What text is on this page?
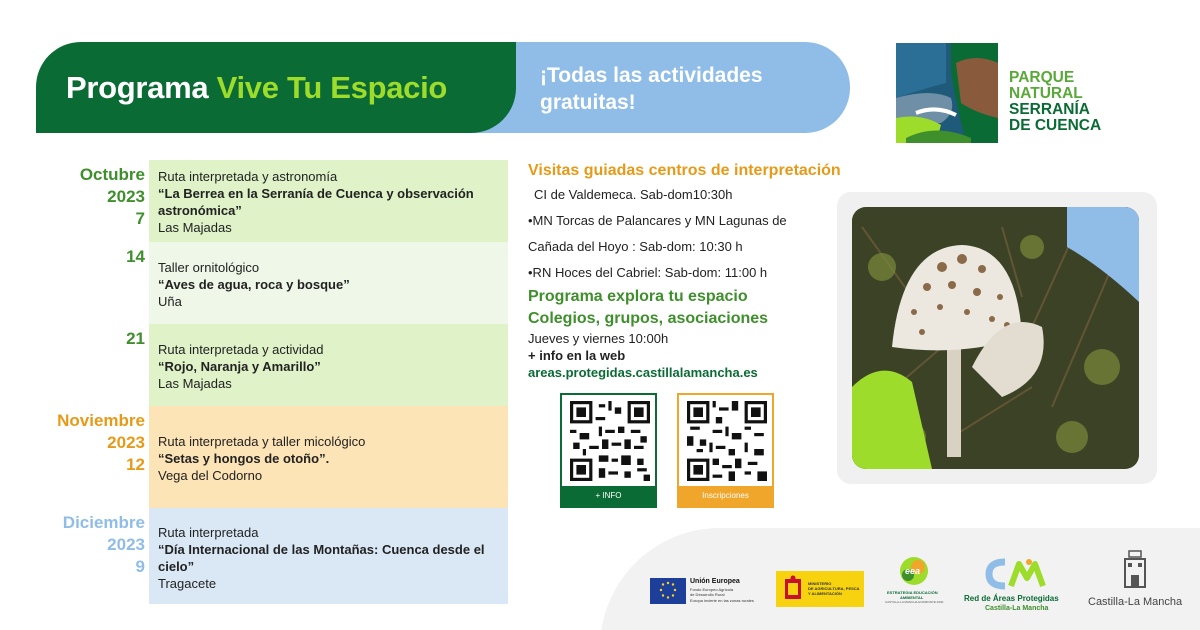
Programa Vive Tu Espacio	¡Todas las actividades gratuitas!
PARQUE
NATURAL
SERRANÍA
DE CUENCA
Octubre
2023
7
Ruta interpretada y astronomía
“La Berrea en la Serranía de Cuenca y observación astronómica”
Las Majadas
14
Taller ornitológico
“Aves de agua, roca y bosque”
Uña
21
Ruta interpretada y actividad
“Rojo, Naranja y Amarillo”
Las Majadas
Noviembre
2023
12
Ruta interpretada y taller micológico
“Setas y hongos de otoño”.
Vega del Codorno
Diciembre
2023
9
Ruta interpretada
“Día Internacional de las Montañas: Cuenca desde el cielo”
Tragacete
Visitas guiadas centros de interpretación
CI de Valdemeca. Sab-dom10:30h
•MN Torcas de Palancares y MN Lagunas de
Cañada del Hoyo : Sab-dom: 10:30 h
•RN Hoces del Cabriel: Sab-dom: 11:00 h
Programa explora tu espacio
Colegios, grupos, asociaciones
Jueves y viernes 10:00h
+ info en la web
areas.protegidas.castillalamancha.es
+ INFO	Inscripciones
Unión Europea
Fondo Europeo Agrícola
de Desarrollo Rural
Europa invierte en las zonas rurales
MINISTERIO
DE AGRICULTURA, PESCA
Y ALIMENTACIÓN
eea
ESTRATEGIA EDUCACIÓN
AMBIENTAL
CASTILLA-LA MANCHA HORIZONTE 2030	Red de Áreas Protegidas
Castilla-La Mancha
Castilla-La Mancha
